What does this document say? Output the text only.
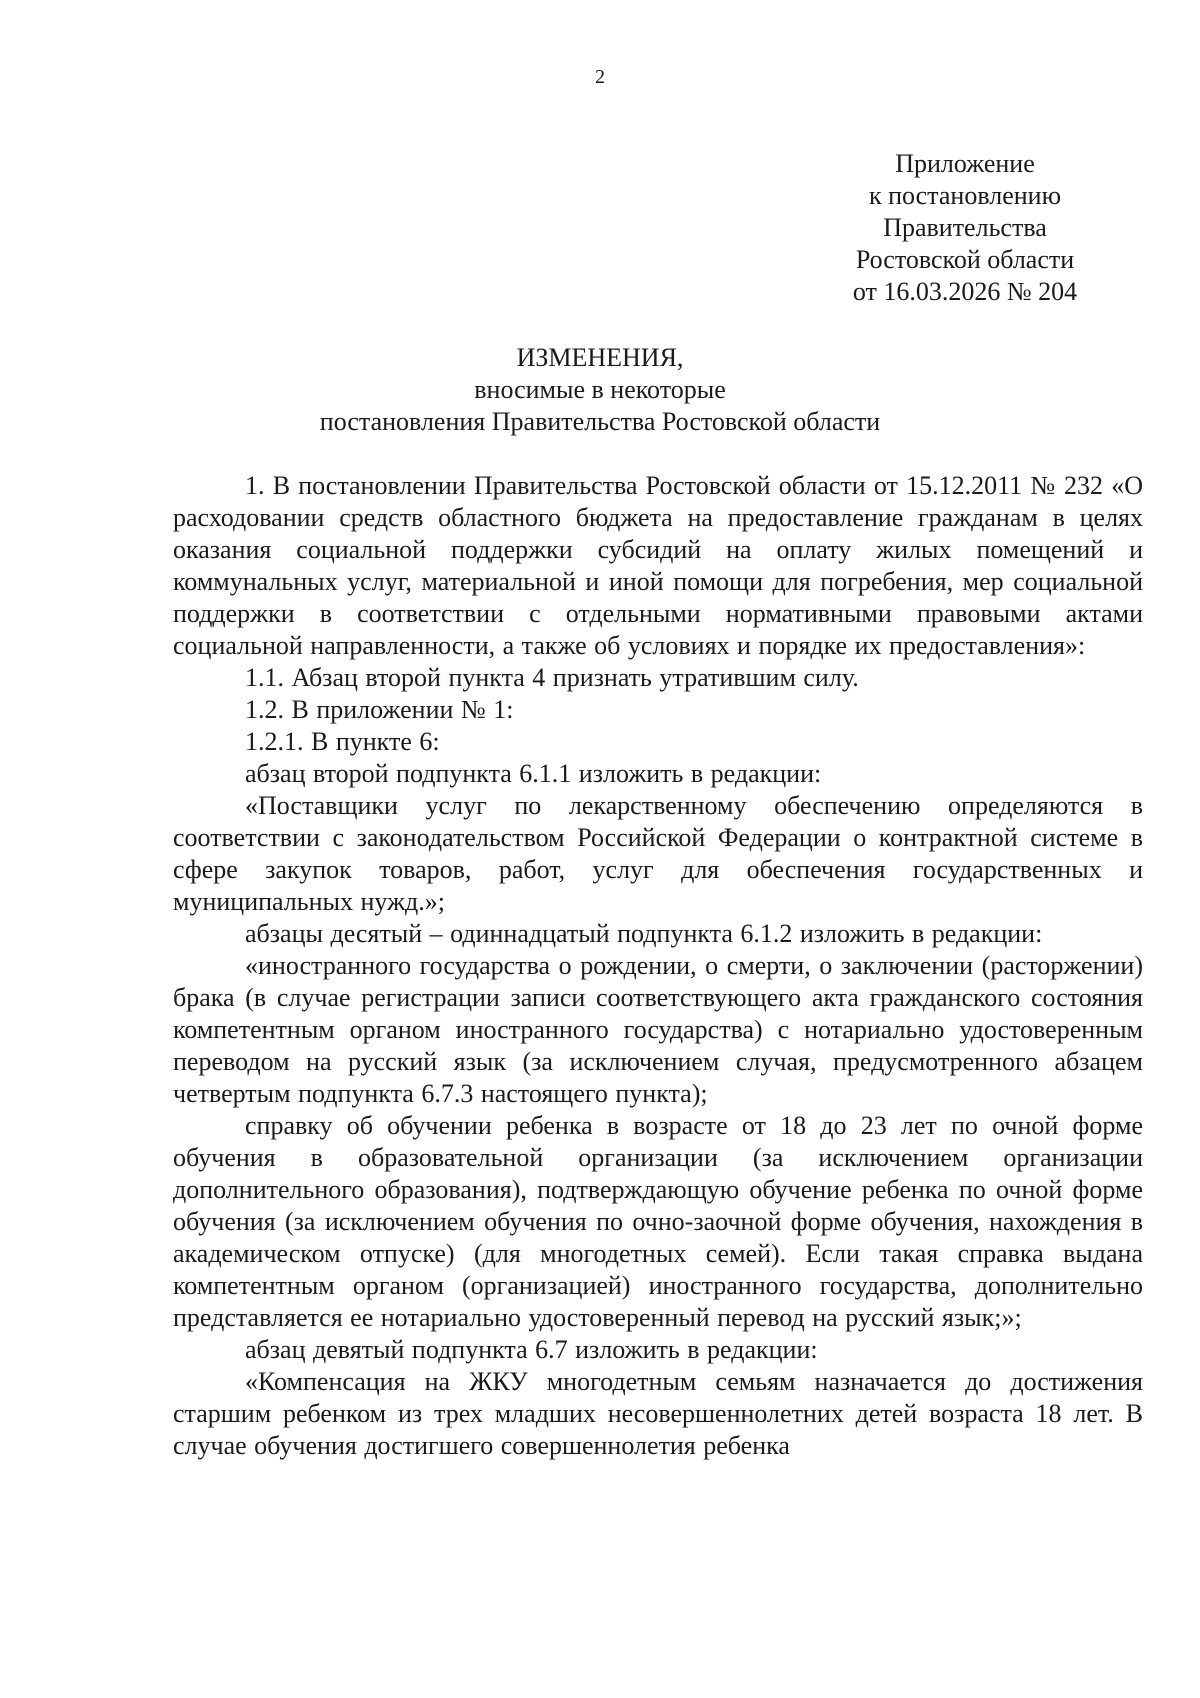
2
Приложение
к постановлению
Правительства
Ростовской области
от 16.03.2026 № 204
ИЗМЕНЕНИЯ,
вносимые в некоторые
постановления Правительства Ростовской области

1. В постановлении Правительства Ростовской области от 15.12.2011 № 232 «О расходовании средств областного бюджета на предоставление гражданам в целях оказания социальной поддержки субсидий на оплату жилых помещений и коммунальных услуг, материальной и иной помощи для погребения, мер социальной поддержки в соответствии с отдельными нормативными правовыми актами социальной направленности, а также об условиях и порядке их предоставления»:

1.1. Абзац второй пункта 4 признать утратившим силу.

1.2. В приложении № 1:

1.2.1. В пункте 6:

абзац второй подпункта 6.1.1 изложить в редакции:

«Поставщики услуг по лекарственному обеспечению определяются в соответствии с законодательством Российской Федерации о контрактной системе в сфере закупок товаров, работ, услуг для обеспечения государственных и муниципальных нужд.»;

абзацы десятый – одиннадцатый подпункта 6.1.2 изложить в редакции:

«иностранного государства о рождении, о смерти, о заключении (расторжении) брака (в случае регистрации записи соответствующего акта гражданского состояния компетентным органом иностранного государства) с нотариально удостоверенным переводом на русский язык (за исключением случая, предусмотренного абзацем четвертым подпункта 6.7.3 настоящего пункта);

справку об обучении ребенка в возрасте от 18 до 23 лет по очной форме обучения в образовательной организации (за исключением организации дополнительного образования), подтверждающую обучение ребенка по очной форме обучения (за исключением обучения по очно-заочной форме обучения, нахождения в академическом отпуске) (для многодетных семей). Если такая справка выдана компетентным органом (организацией) иностранного государства, дополнительно представляется ее нотариально удостоверенный перевод на русский язык;»;

абзац девятый подпункта 6.7 изложить в редакции:

«Компенсация на ЖКУ многодетным семьям назначается до достижения старшим ребенком из трех младших несовершеннолетних детей возраста 18 лет. В случае обучения достигшего совершеннолетия ребенка
